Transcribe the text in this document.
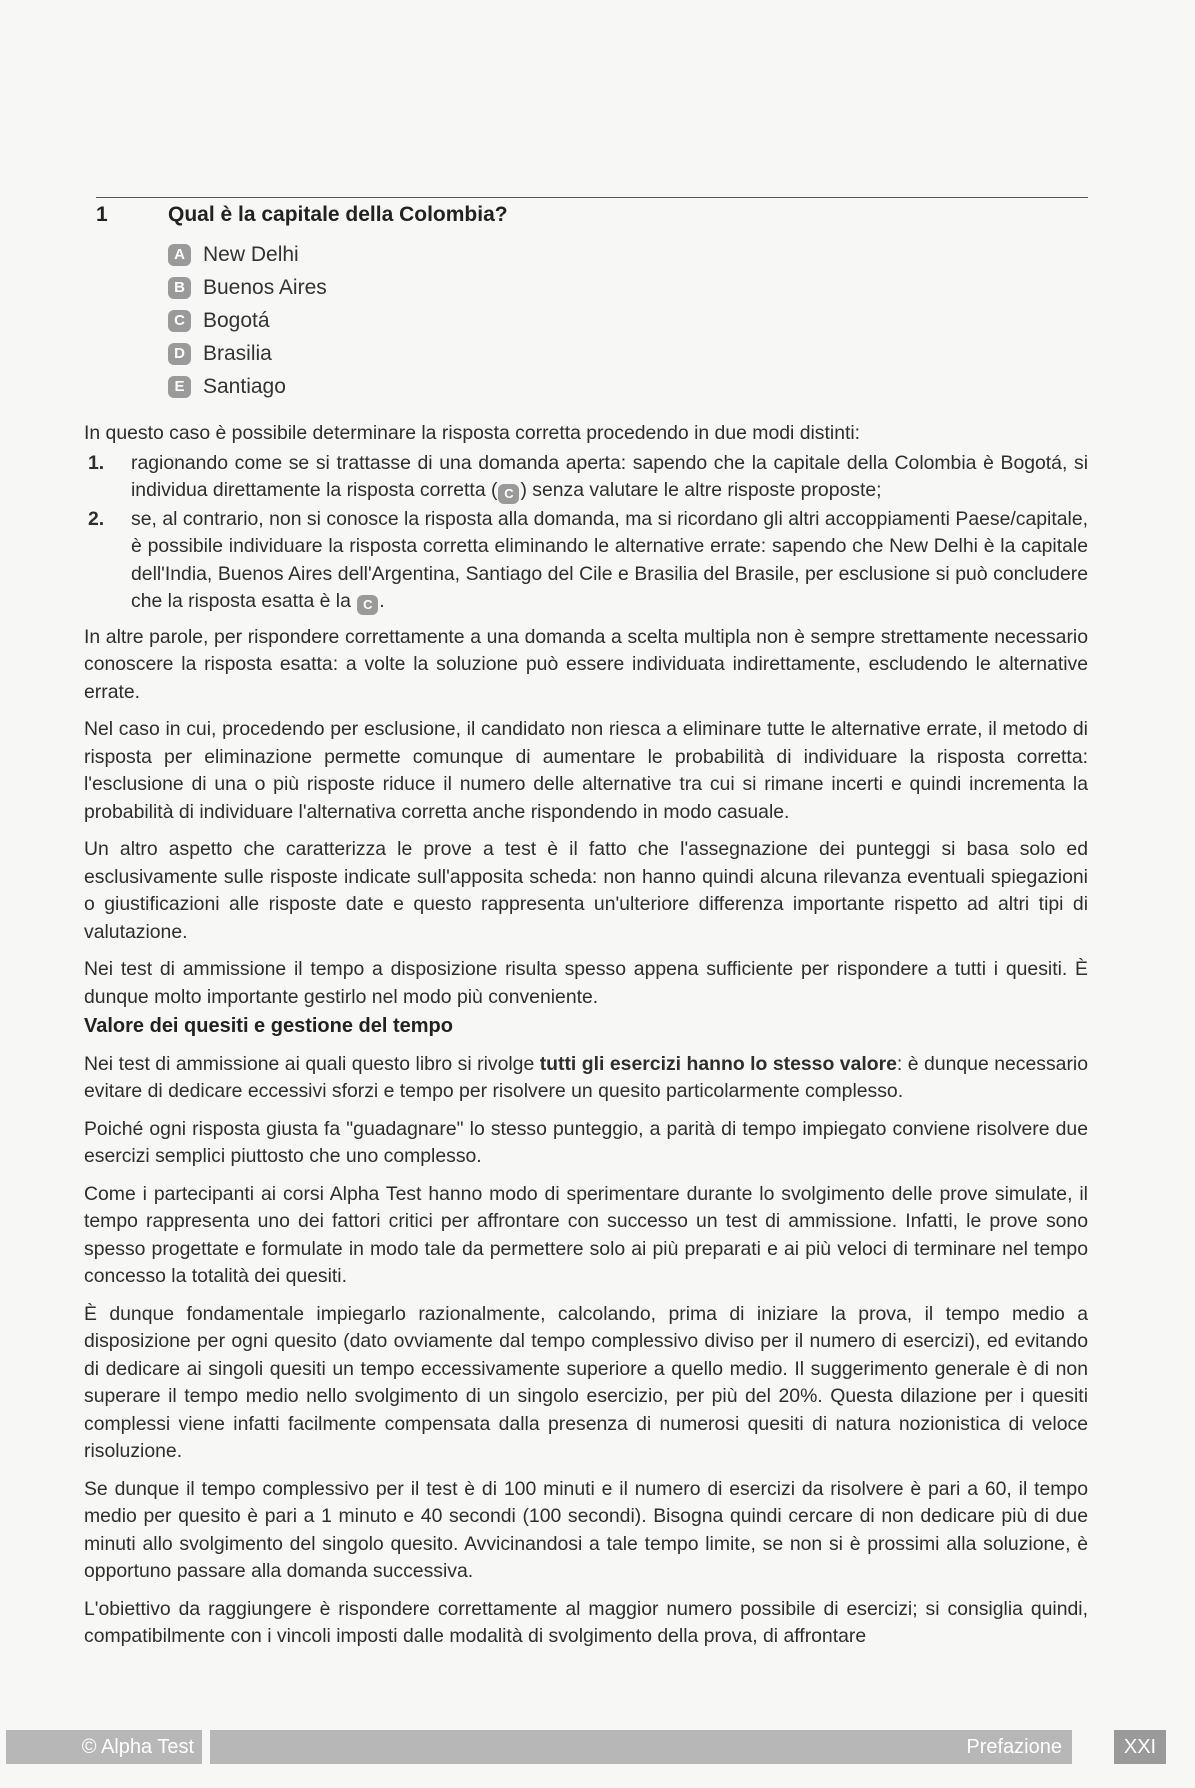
1	Qual è la capitale della Colombia?
A New Delhi
B Buenos Aires
C Bogotá
D Brasilia
E Santiago

In questo caso è possibile determinare la risposta corretta procedendo in due modi distinti:

1.	ragionando come se si trattasse di una domanda aperta: sapendo che la capitale della Colombia è Bogotá, si individua direttamente la risposta corretta ( C ) senza valutare le altre risposte proposte;
2.	se, al contrario, non si conosce la risposta alla domanda, ma si ricordano gli altri accoppiamenti Paese/capitale, è possibile individuare la risposta corretta eliminando le alternative errate: sapendo che New Delhi è la capitale dell'India, Buenos Aires dell'Argentina, Santiago del Cile e Brasilia del Brasile, per esclusione si può concludere che la risposta esatta è la C .

In altre parole, per rispondere correttamente a una domanda a scelta multipla non è sempre strettamente necessario conoscere la risposta esatta: a volte la soluzione può essere individuata indirettamente, escludendo le alternative errate.

Nel caso in cui, procedendo per esclusione, il candidato non riesca a eliminare tutte le alternative errate, il metodo di risposta per eliminazione permette comunque di aumentare le probabilità di individuare la risposta corretta: l'esclusione di una o più risposte riduce il numero delle alternative tra cui si rimane incerti e quindi incrementa la probabilità di individuare l'alternativa corretta anche rispondendo in modo casuale.

Un altro aspetto che caratterizza le prove a test è il fatto che l'assegnazione dei punteggi si basa solo ed esclusivamente sulle risposte indicate sull'apposita scheda: non hanno quindi alcuna rilevanza eventuali spiegazioni o giustificazioni alle risposte date e questo rappresenta un'ulteriore differenza importante rispetto ad altri tipi di valutazione.

Nei test di ammissione il tempo a disposizione risulta spesso appena sufficiente per rispondere a tutti i quesiti. È dunque molto importante gestirlo nel modo più conveniente.

Valore dei quesiti e gestione del tempo

Nei test di ammissione ai quali questo libro si rivolge tutti gli esercizi hanno lo stesso valore: è dunque necessario evitare di dedicare eccessivi sforzi e tempo per risolvere un quesito particolarmente complesso.

Poiché ogni risposta giusta fa "guadagnare" lo stesso punteggio, a parità di tempo impiegato conviene risolvere due esercizi semplici piuttosto che uno complesso.

Come i partecipanti ai corsi Alpha Test hanno modo di sperimentare durante lo svolgimento delle prove simulate, il tempo rappresenta uno dei fattori critici per affrontare con successo un test di ammissione. Infatti, le prove sono spesso progettate e formulate in modo tale da permettere solo ai più preparati e ai più veloci di terminare nel tempo concesso la totalità dei quesiti.

È dunque fondamentale impiegarlo razionalmente, calcolando, prima di iniziare la prova, il tempo medio a disposizione per ogni quesito (dato ovviamente dal tempo complessivo diviso per il numero di esercizi), ed evitando di dedicare ai singoli quesiti un tempo eccessivamente superiore a quello medio. Il suggerimento generale è di non superare il tempo medio nello svolgimento di un singolo esercizio, per più del 20%. Questa dilazione per i quesiti complessi viene infatti facilmente compensata dalla presenza di numerosi quesiti di natura nozionistica di veloce risoluzione.

Se dunque il tempo complessivo per il test è di 100 minuti e il numero di esercizi da risolvere è pari a 60, il tempo medio per quesito è pari a 1 minuto e 40 secondi (100 secondi). Bisogna quindi cercare di non dedicare più di due minuti allo svolgimento del singolo quesito. Avvicinandosi a tale tempo limite, se non si è prossimi alla soluzione, è opportuno passare alla domanda successiva.

L'obiettivo da raggiungere è rispondere correttamente al maggior numero possibile di esercizi; si consiglia quindi, compatibilmente con i vincoli imposti dalle modalità di svolgimento della prova, di affrontare

© Alpha Test	Prefazione	XXI
